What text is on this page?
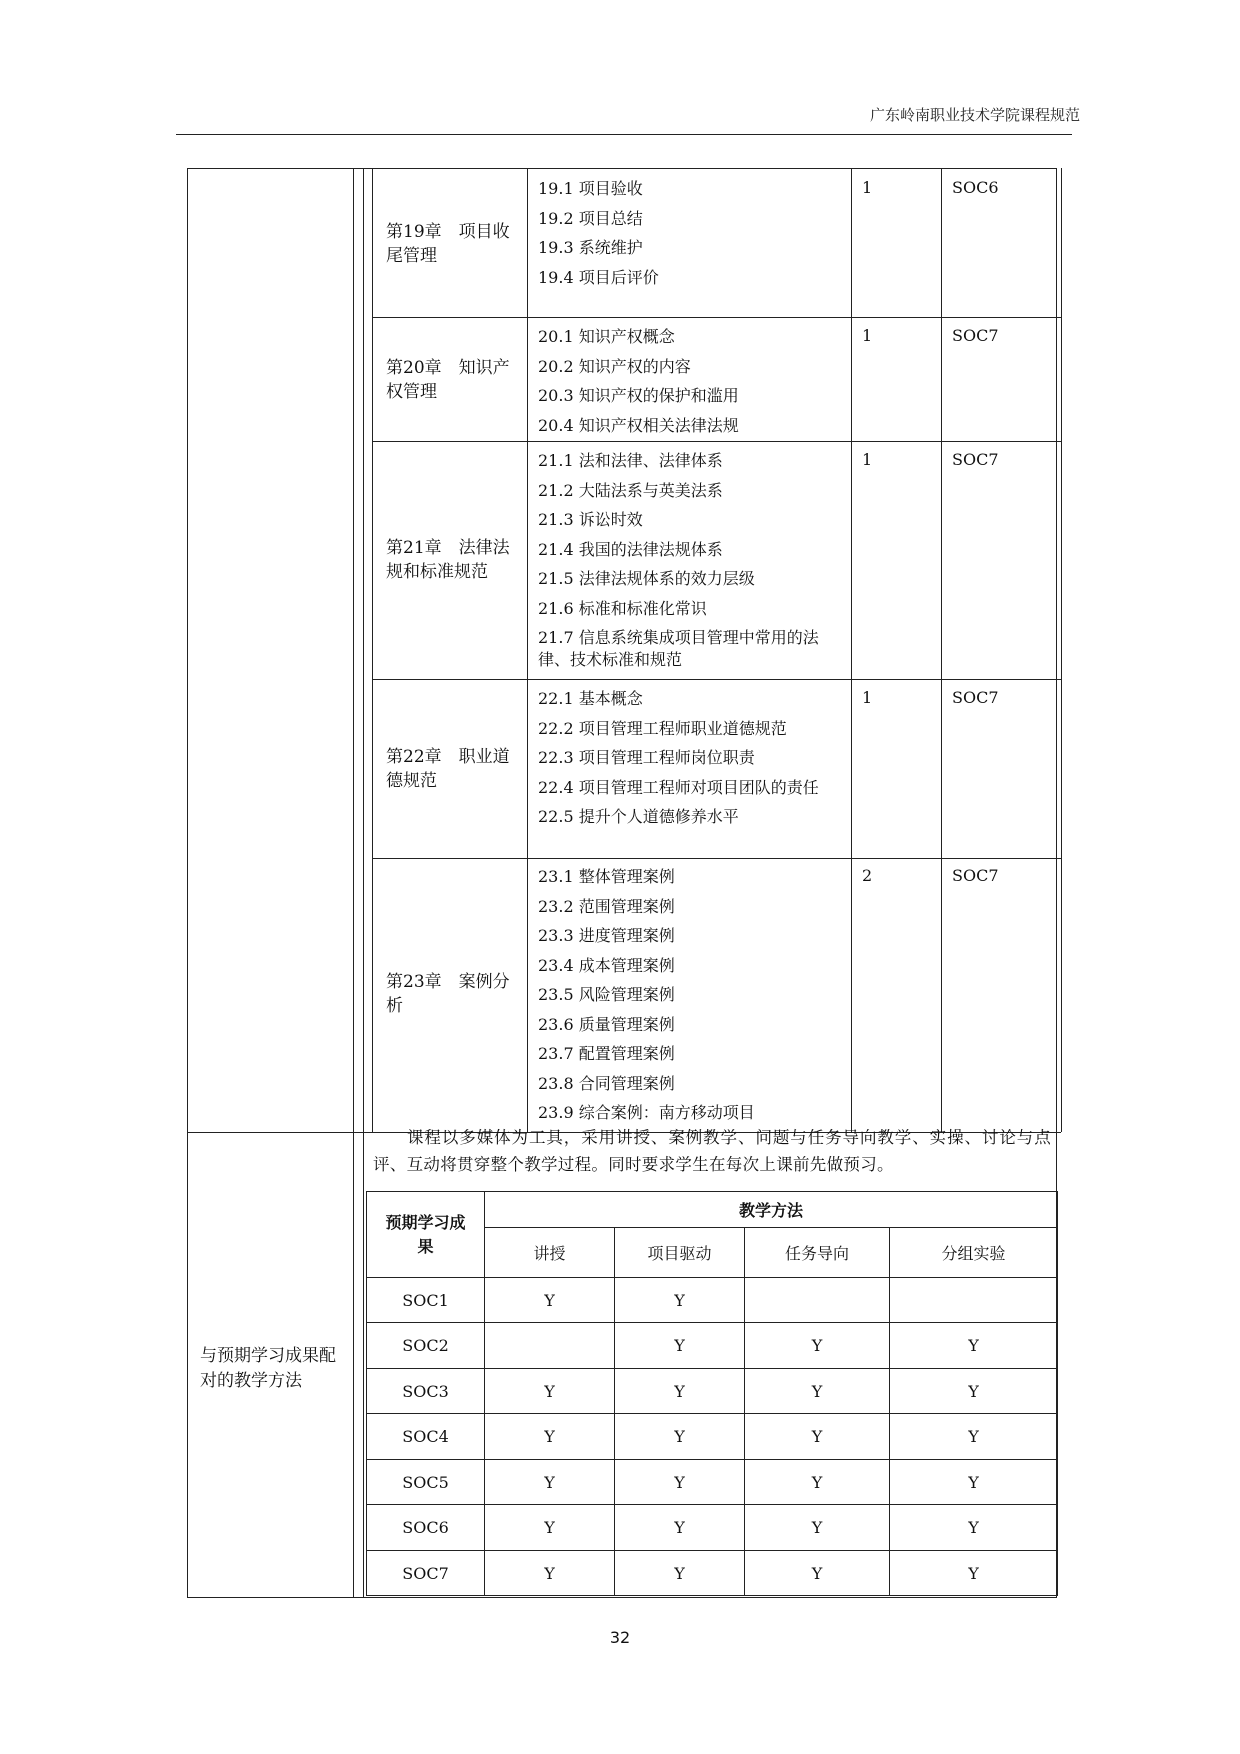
广东岭南职业技术学院课程规范
第19章　项目收尾管理
19.1 项目验收
19.2 项目总结
19.3 系统维护
19.4 项目后评价
1	SOC6
第20章　知识产权管理
20.1 知识产权概念
20.2 知识产权的内容
20.3 知识产权的保护和滥用
20.4 知识产权相关法律法规
1	SOC7
第21章　法律法规和标准规范
21.1 法和法律、法律体系
21.2 大陆法系与英美法系
21.3 诉讼时效
21.4 我国的法律法规体系
21.5 法律法规体系的效力层级
21.6 标准和标准化常识
21.7 信息系统集成项目管理中常用的法律、技术标准和规范
1	SOC7
第22章　职业道德规范
22.1 基本概念
22.2 项目管理工程师职业道德规范
22.3 项目管理工程师岗位职责
22.4 项目管理工程师对项目团队的责任
22.5 提升个人道德修养水平
1	SOC7
第23章　案例分析
23.1 整体管理案例
23.2 范围管理案例
23.3 进度管理案例
23.4 成本管理案例
23.5 风险管理案例
23.6 质量管理案例
23.7 配置管理案例
23.8 合同管理案例
23.9 综合案例：南方移动项目
2	SOC7
与预期学习成果配对的教学方法
课程以多媒体为工具，采用讲授、案例教学、问题与任务导向教学、实操、讨论与点评、互动将贯穿整个教学过程。同时要求学生在每次上课前先做预习。
预期学习成果	教学方法			
	讲授	项目驱动	任务导向	分组实验
SOC1	Y	Y		
SOC2		Y	Y	Y
SOC3	Y	Y	Y	Y
SOC4	Y	Y	Y	Y
SOC5	Y	Y	Y	Y
SOC6	Y	Y	Y	Y
SOC7	Y	Y	Y	Y
32
